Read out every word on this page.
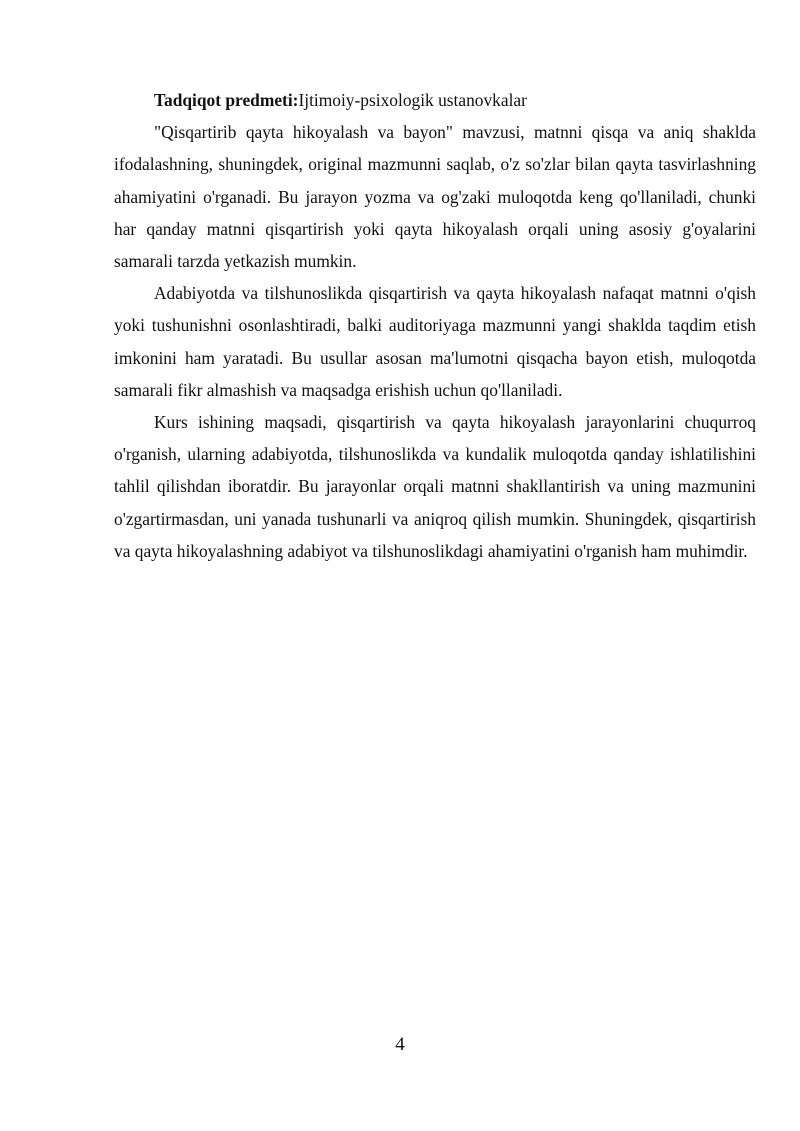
Tadqiqot predmeti:Ijtimoiy-psixologik ustanovkalar

"Qisqartirib qayta hikoyalash va bayon" mavzusi, matnni qisqa va aniq shaklda ifodalashning, shuningdek, original mazmunni saqlab, o'z so'zlar bilan qayta tasvirlashning ahamiyatini o'rganadi. Bu jarayon yozma va og'zaki muloqotda keng qo'llaniladi, chunki har qanday matnni qisqartirish yoki qayta hikoyalash orqali uning asosiy g'oyalarini samarali tarzda yetkazish mumkin.

Adabiyotda va tilshunoslikda qisqartirish va qayta hikoyalash nafaqat matnni o'qish yoki tushunishni osonlashtiradi, balki auditoriyaga mazmunni yangi shaklda taqdim etish imkonini ham yaratadi. Bu usullar asosan ma'lumotni qisqacha bayon etish, muloqotda samarali fikr almashish va maqsadga erishish uchun qo'llaniladi.

Kurs ishining maqsadi, qisqartirish va qayta hikoyalash jarayonlarini chuqurroq o'rganish, ularning adabiyotda, tilshunoslikda va kundalik muloqotda qanday ishlatilishini tahlil qilishdan iboratdir. Bu jarayonlar orqali matnni shakllantirish va uning mazmunini o'zgartirmasdan, uni yanada tushunarli va aniqroq qilish mumkin. Shuningdek, qisqartirish va qayta hikoyalashning adabiyot va tilshunoslikdagi ahamiyatini o'rganish ham muhimdir.

4
